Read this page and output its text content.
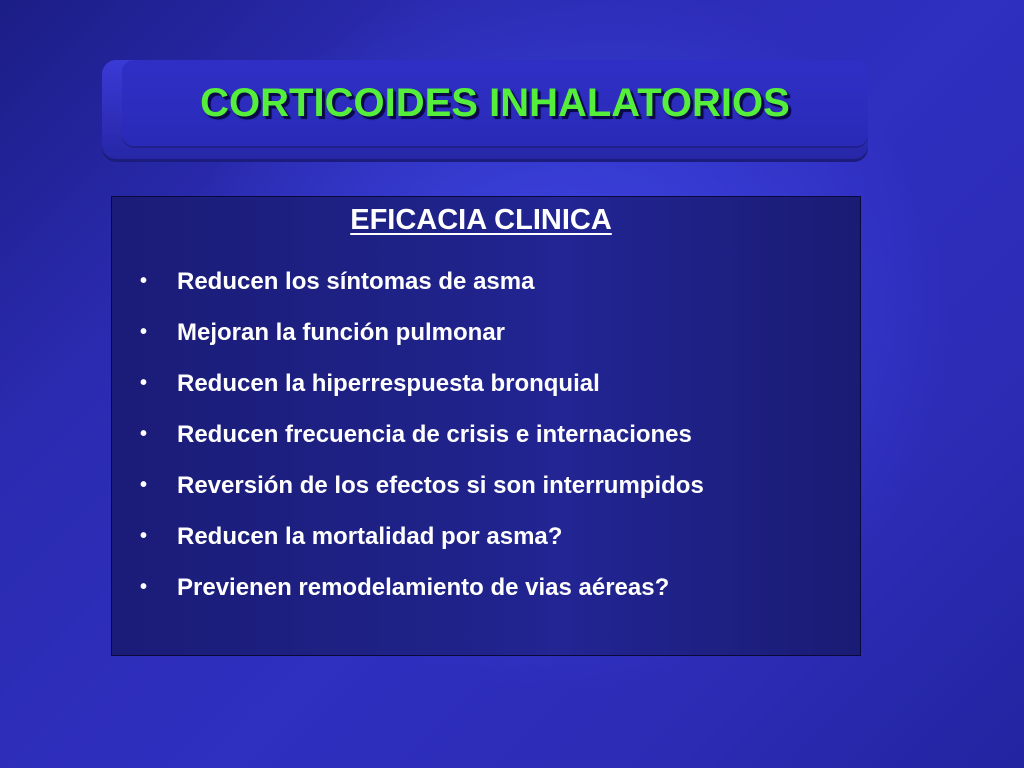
CORTICOIDES INHALATORIOS
EFICACIA CLINICA
•	Reducen los síntomas de asma
•	Mejoran la función pulmonar
•	Reducen la hiperrespuesta bronquial
•	Reducen frecuencia de crisis e internaciones
•	Reversión de los efectos si son interrumpidos
•	Reducen la mortalidad por asma?
•	Previenen remodelamiento de vias aéreas?
